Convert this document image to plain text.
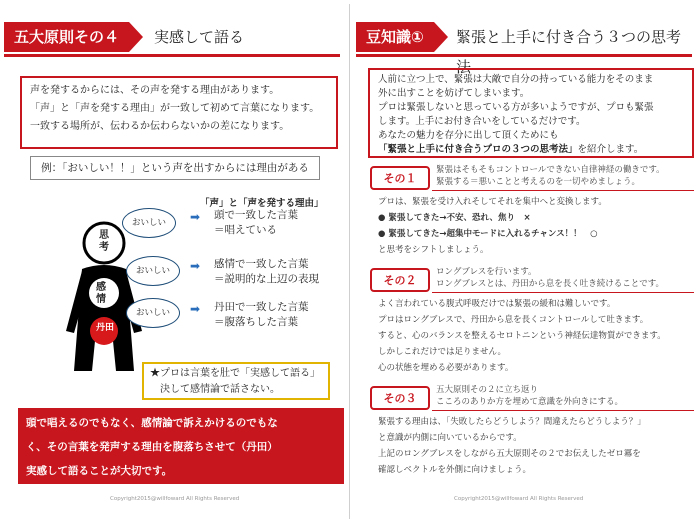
五大原則その４	実感して語る
声を発するからには、その声を発する理由があります。
「声」と「声を発する理由」が一致して初めて言葉になります。
一致する場所が、伝わるか伝わらないかの差になります。
例：「おいしい！！」という声を出すからには理由がある
「声」と「声を発する理由」
思考
感情
丹田
おいしい
おいしい
おいしい
➡
➡
➡
頭で一致した言葉
＝唱えている
感情で一致した言葉
＝説明的な上辺の表現
丹田で一致した言葉
＝腹落ちした言葉
★プロは言葉を肚で「実感して語る」
決して感情論で話さない。
頭で唱えるのでもなく、感情論で訴えかけるのでもな
く、その言葉を発声する理由を腹落ちさせて（丹田）
実感して語ることが大切です。
Copyright2015@willfoward All Rights Reserved
豆知識①	緊張と上手に付き合う３つの思考法
人前に立つ上で、緊張は大敵で自分の持っている能力をそのまま
外に出すことを妨げてしまいます。
プロは緊張しないと思っている方が多いようですが、プロも緊張
します。上手にお付き合いをしているだけです。
あなたの魅力を存分に出して頂くためにも
「緊張と上手に付き合うプロの３つの思考法」を紹介します。
その１
緊張はそもそもコントロールできない自律神経の働きです。
緊張する＝悪いことと考えるのを一切やめましょう。
プロは、緊張を受け入れそしてそれを集中へと変換します。
● 緊張してきた→不安、恐れ、焦り　×
● 緊張してきた→超集中モードに入れるチャンス！！　○
と思考をシフトしましょう。
その２
ロングブレスを行います。
ロングブレスとは、丹田から息を長く吐き続けることです。
よく言われている腹式呼吸だけでは緊張の緩和は難しいです。
プロはロングブレスで、丹田から息を長くコントロールして吐きます。
すると、心のバランスを整えるセロトニンという神経伝達物質ができます。
しかしこれだけでは足りません。
心の状態を埋める必要があります。
その３
五大原則その２に立ち返り
こころのありか方を埋めて意識を外向きにする。
緊張する理由は、「失敗したらどうしよう？間違えたらどうしよう？」
と意識が内側に向いているからです。
上記のロングブレスをしながら五大原則その２でお伝えしたゼロ冪を
確認しベクトルを外側に向けましょう。
Copyright2015@willfoward All Rights Reserved
